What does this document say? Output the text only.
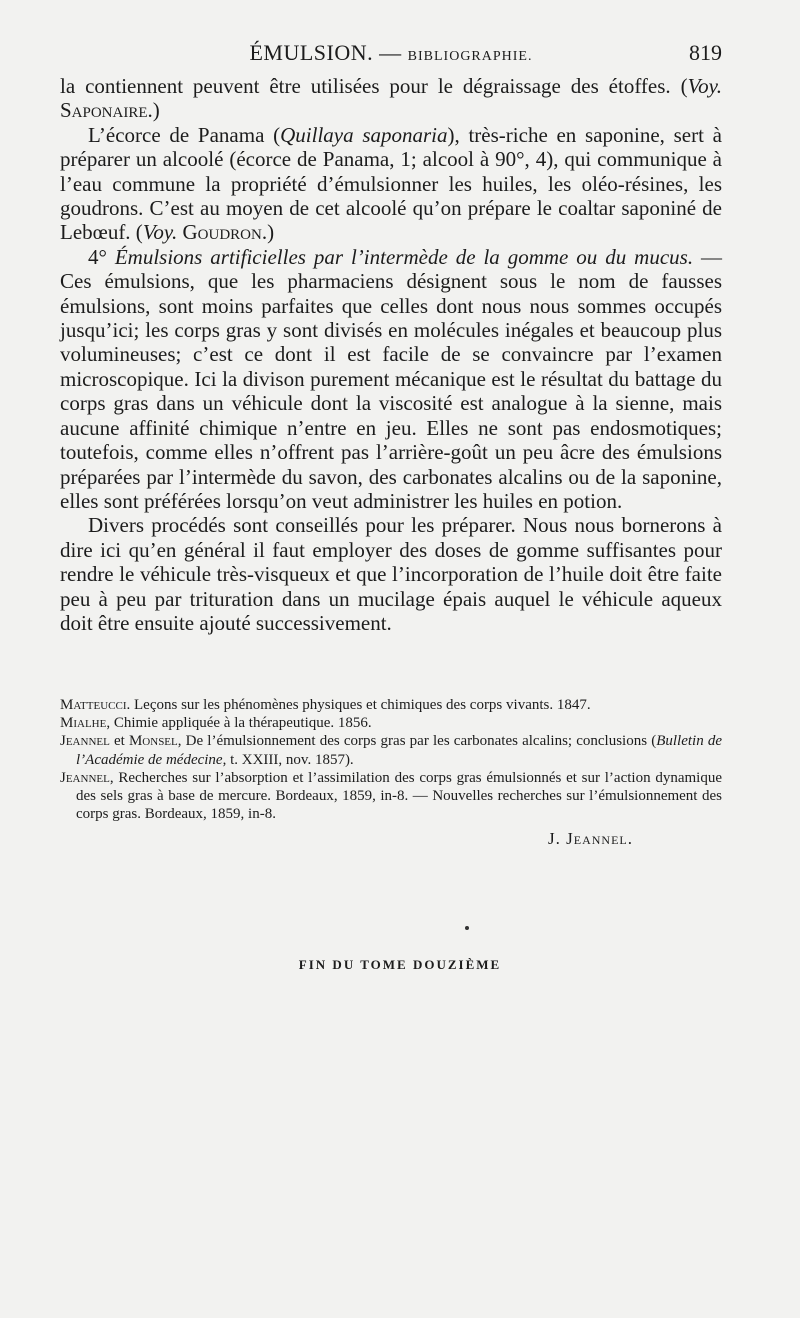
ÉMULSION. — BIBLIOGRAPHIE.	819

la contiennent peuvent être utilisées pour le dégraissage des étoffes. (Voy. Saponaire.)

L’écorce de Panama (Quillaya saponaria), très-riche en saponine, sert à préparer un alcoolé (écorce de Panama, 1; alcool à 90°, 4), qui communique à l’eau commune la propriété d’émulsionner les huiles, les oléo-résines, les goudrons. C’est au moyen de cet alcoolé qu’on prépare le coaltar saponiné de Lebœuf. (Voy. Goudron.)

4° Émulsions artificielles par l’intermède de la gomme ou du mucus. — Ces émulsions, que les pharmaciens désignent sous le nom de fausses émulsions, sont moins parfaites que celles dont nous nous sommes occupés jusqu’ici; les corps gras y sont divisés en molécules inégales et beaucoup plus volumineuses; c’est ce dont il est facile de se convaincre par l’examen microscopique. Ici la divison purement mécanique est le résultat du battage du corps gras dans un véhicule dont la viscosité est analogue à la sienne, mais aucune affinité chimique n’entre en jeu. Elles ne sont pas endosmotiques; toutefois, comme elles n’offrent pas l’arrière-goût un peu âcre des émulsions préparées par l’intermède du savon, des carbonates alcalins ou de la saponine, elles sont préférées lorsqu’on veut administrer les huiles en potion.

Divers procédés sont conseillés pour les préparer. Nous nous bornerons à dire ici qu’en général il faut employer des doses de gomme suffisantes pour rendre le véhicule très-visqueux et que l’incorporation de l’huile doit être faite peu à peu par trituration dans un mucilage épais auquel le véhicule aqueux doit être ensuite ajouté successivement.

Matteucci. Leçons sur les phénomènes physiques et chimiques des corps vivants. 1847.

Mialhe, Chimie appliquée à la thérapeutique. 1856.

Jeannel et Monsel, De l’émulsionnement des corps gras par les carbonates alcalins; conclusions (Bulletin de l’Académie de médecine, t. XXIII, nov. 1857).

Jeannel, Recherches sur l’absorption et l’assimilation des corps gras émulsionnés et sur l’action dynamique des sels gras à base de mercure. Bordeaux, 1859, in-8. — Nouvelles recherches sur l’émulsionnement des corps gras. Bordeaux, 1859, in-8.

J. Jeannel.
FIN DU TOME DOUZIÈME
